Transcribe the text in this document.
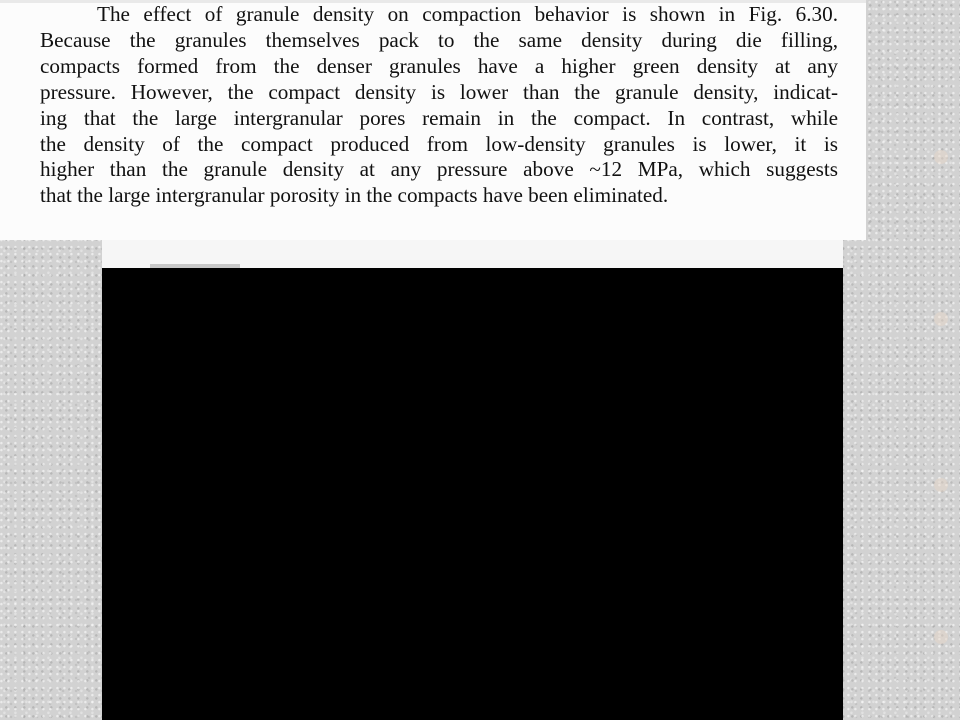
The effect of granule density on compaction behavior is shown in Fig. 6.30.
Because the granules themselves pack to the same density during die filling,
compacts formed from the denser granules have a higher green density at any
pressure. However, the compact density is lower than the granule density, indicat-
ing that the large intergranular pores remain in the compact. In contrast, while
the density of the compact produced from low-density granules is lower, it is
higher than the granule density at any pressure above ~12 MPa, which suggests
that the large intergranular porosity in the compacts have been eliminated.
